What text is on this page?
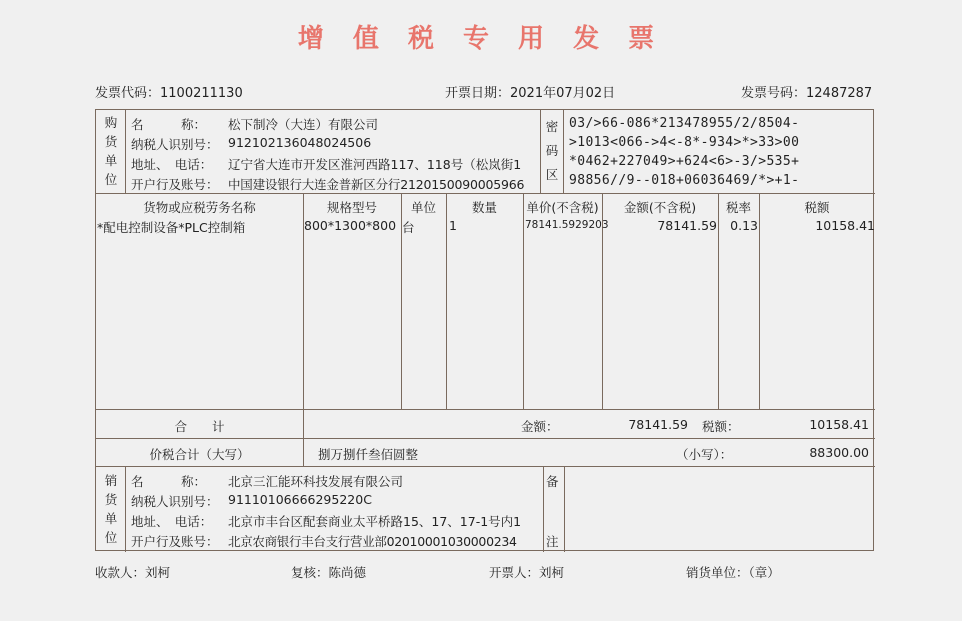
增 值 税 专 用 发 票
发票代码：1100211130	开票日期：2021年07月02日	发票号码：12487287
购
货
单
位
名　　　称： 松下制冷（大连）有限公司
纳税人识别号： 912102136048024506
地址、　电话： 辽宁省大连市开发区淮河西路117、118号（松岚街1
开户行及账号： 中国建设银行大连金普新区分行2120150090005966
密
码
区
03/>66-086*213478955/2/8504-
>1013<066->4<-8*-934>*>33>00
*0462+227049>+624<6>-3/>535+
98856//9--018+06036469/*>+1-
货物或应税劳务名称	规格型号	单位	数量	单价(不含税)	金额(不含税)	税率	税额
*配电控制设备*PLC控制箱	800*1300*800 台	1	78141.5929203	78141.59	0.13	10158.41
合　　计	金额：	78141.59 税额：	10158.41
价税合计（大写）	捌万捌仟叁佰圆整	（小写）：	88300.00
销
货
单
位
名　　　称： 北京三汇能环科技发展有限公司
纳税人识别号： 91110106666295220C
地址、　电话： 北京市丰台区配套商业太平桥路15、17、17-1号内1
开户行及账号： 北京农商银行丰台支行营业部02010001030000234
备
注
收款人：刘柯	复核：陈尚德	开票人：刘柯	销货单位：（章）
